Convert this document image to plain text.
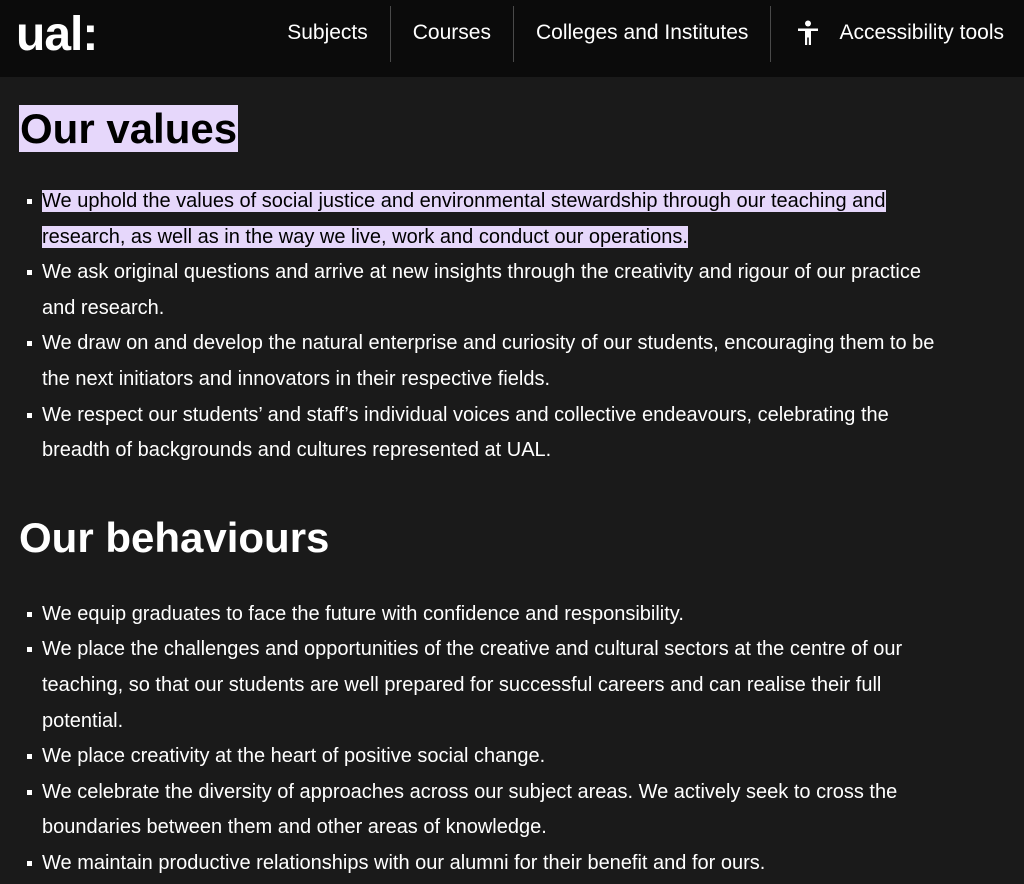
ual:	Subjects	Courses	Colleges and Institutes	Accessibility tools
Our values
We uphold the values of social justice and environmental stewardship through our teaching and research, as well as in the way we live, work and conduct our operations.
We ask original questions and arrive at new insights through the creativity and rigour of our practice and research.
We draw on and develop the natural enterprise and curiosity of our students, encouraging them to be the next initiators and innovators in their respective fields.
We respect our students’ and staff’s individual voices and collective endeavours, celebrating the breadth of backgrounds and cultures represented at UAL.
Our behaviours
We equip graduates to face the future with confidence and responsibility.
We place the challenges and opportunities of the creative and cultural sectors at the centre of our teaching, so that our students are well prepared for successful careers and can realise their full potential.
We place creativity at the heart of positive social change.
We celebrate the diversity of approaches across our subject areas. We actively seek to cross the boundaries between them and other areas of knowledge.
We maintain productive relationships with our alumni for their benefit and for ours.
